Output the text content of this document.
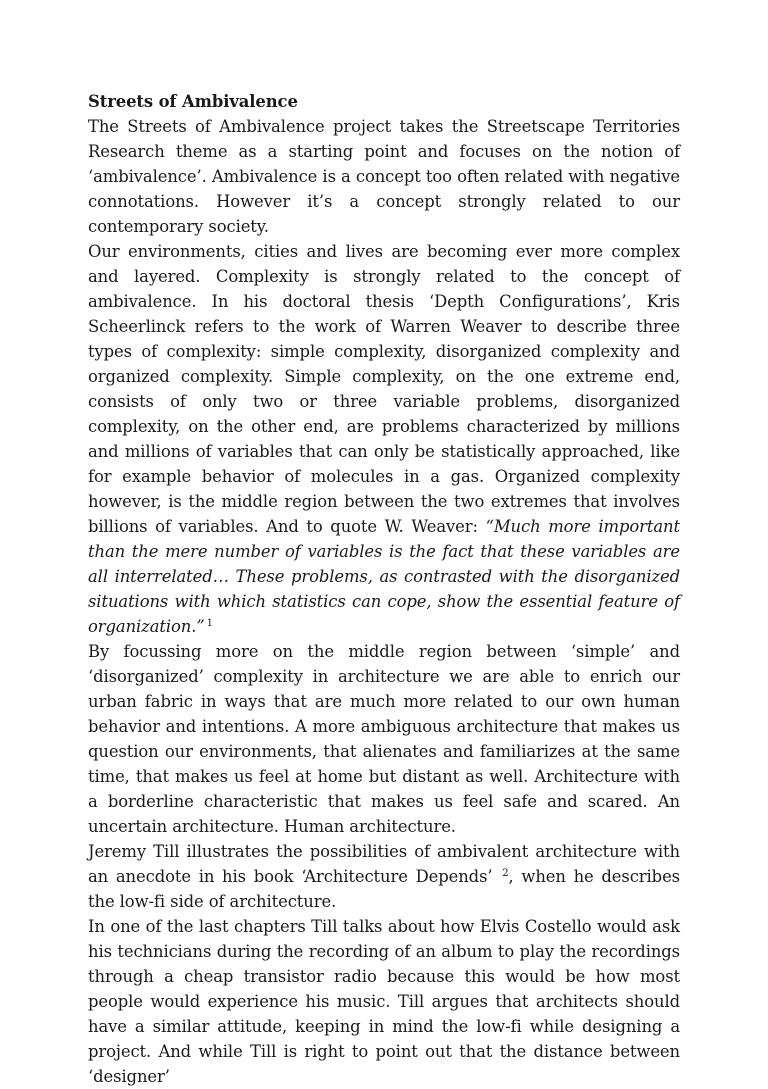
Streets of Ambivalence

The Streets of Ambivalence project takes the Streetscape Territories Research theme as a starting point and focuses on the notion of ‘ambivalence’. Ambivalence is a concept too often related with negative connotations. However it’s a concept strongly related to our contemporary society.

Our environments, cities and lives are becoming ever more complex and layered. Complexity is strongly related to the concept of ambivalence. In his doctoral thesis ‘Depth Configurations’, Kris Scheerlinck refers to the work of Warren Weaver to describe three types of complexity: simple complexity, disorganized complexity and organized complexity. Simple complexity, on the one extreme end, consists of only two or three variable problems, disorganized complexity, on the other end, are problems characterized by millions and millions of variables that can only be statistically approached, like for example behavior of molecules in a gas. Organized complexity however, is the middle region between the two extremes that involves billions of variables. And to quote W. Weaver: “Much more important than the mere number of variables is the fact that these variables are all interrelated… These problems, as contrasted with the disorganized situations with which statistics can cope, show the essential feature of organization.” $^1$

By focussing more on the middle region between ‘simple’ and ‘disorganized’ complexity in architecture we are able to enrich our urban fabric in ways that are much more related to our own human behavior and intentions. A more ambiguous architecture that makes us question our environments, that alienates and familiarizes at the same time, that makes us feel at home but distant as well. Architecture with a borderline characteristic that makes us feel safe and scared. An uncertain architecture. Human architecture.

Jeremy Till illustrates the possibilities of ambivalent architecture with an anecdote in his book ‘Architecture Depends’ $^2$, when he describes the low-fi side of architecture.

In one of the last chapters Till talks about how Elvis Costello would ask his technicians during the recording of an album to play the recordings through a cheap transistor radio because this would be how most people would experience his music. Till argues that architects should have a similar attitude, keeping in mind the low-fi while designing a project. And while Till is right to point out that the distance between ‘designer’
